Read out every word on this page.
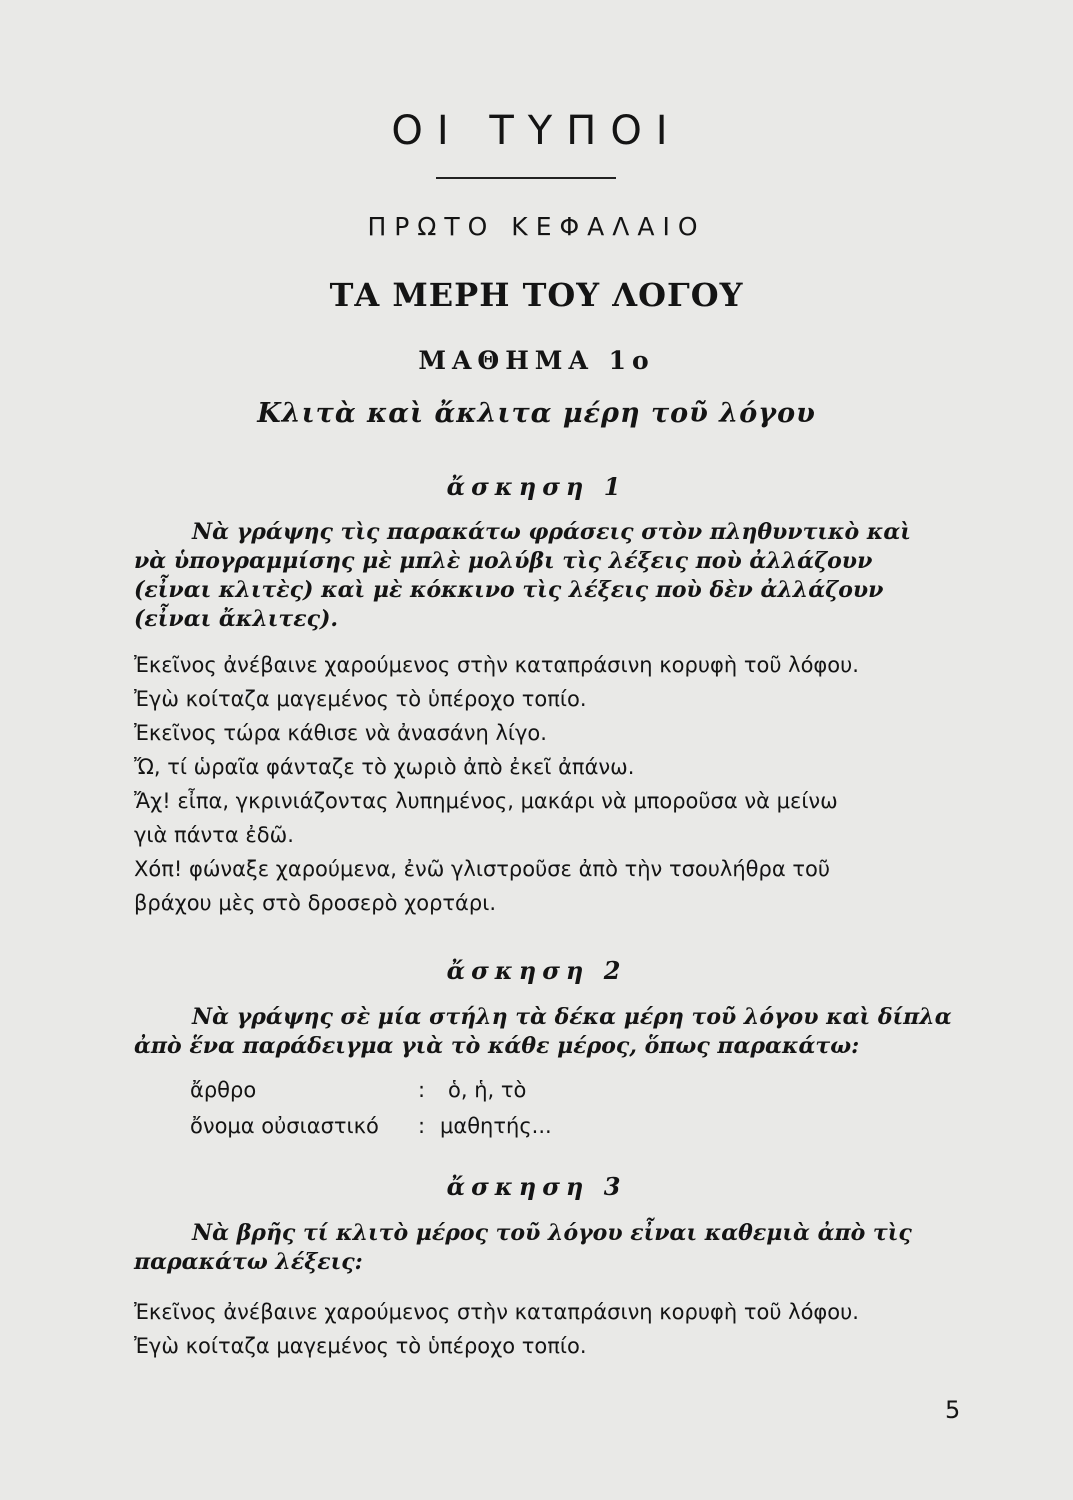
ΟΙ ΤΥΠΟΙ
ΠΡΩΤΟ ΚΕΦΑΛΑΙΟ
ΤΑ ΜΕΡΗ ΤΟΥ ΛΟΓΟΥ
ΜΑΘΗΜΑ 1ο
Κλιτὰ καὶ ἄκλιτα μέρη τοῦ λόγου
ἄσκηση 1
Νὰ γράψης τὶς παρακάτω φράσεις στὸν πληθυντικὸ καὶ
νὰ ὑπογραμμίσης μὲ μπλὲ μολύβι τὶς λέξεις ποὺ ἀλλάζουν
(εἶναι κλιτὲς) καὶ μὲ κόκκινο τὶς λέξεις ποὺ δὲν ἀλλάζουν
(εἶναι ἄκλιτες).

Ἐκεῖνος ἀνέβαινε χαρούμενος στὴν καταπράσινη κορυφὴ τοῦ λόφου.

Ἐγὼ κοίταζα μαγεμένος τὸ ὑπέροχο τοπίο.

Ἐκεῖνος τώρα κάθισε νὰ ἀνασάνη λίγο.

Ὤ, τί ὡραῖα φάνταζε τὸ χωριὸ ἀπὸ ἐκεῖ ἀπάνω.

Ἄχ! εἶπα, γκρινιάζοντας λυπημένος, μακάρι νὰ μποροῦσα νὰ μείνω

γιὰ πάντα ἐδῶ.

Χόπ! φώναξε χαρούμενα, ἐνῶ γλιστροῦσε ἀπὸ τὴν τσουλήθρα τοῦ

βράχου μὲς στὸ δροσερὸ χορτάρι.

ἄσκηση 2
Νὰ γράψης σὲ μία στήλη τὰ δέκα μέρη τοῦ λόγου καὶ δίπλα
ἀπὸ ἕνα παράδειγμα γιὰ τὸ κάθε μέρος, ὅπως παρακάτω:
ἄρθρο	: ὁ, ἡ, τὸ
ὄνομα οὐσιαστικό : μαθητής...
ἄσκηση 3
Νὰ βρῆς τί κλιτὸ μέρος τοῦ λόγου εἶναι καθεμιὰ ἀπὸ τὶς
παρακάτω λέξεις:

Ἐκεῖνος ἀνέβαινε χαρούμενος στὴν καταπράσινη κορυφὴ τοῦ λόφου.

Ἐγὼ κοίταζα μαγεμένος τὸ ὑπέροχο τοπίο.

5
